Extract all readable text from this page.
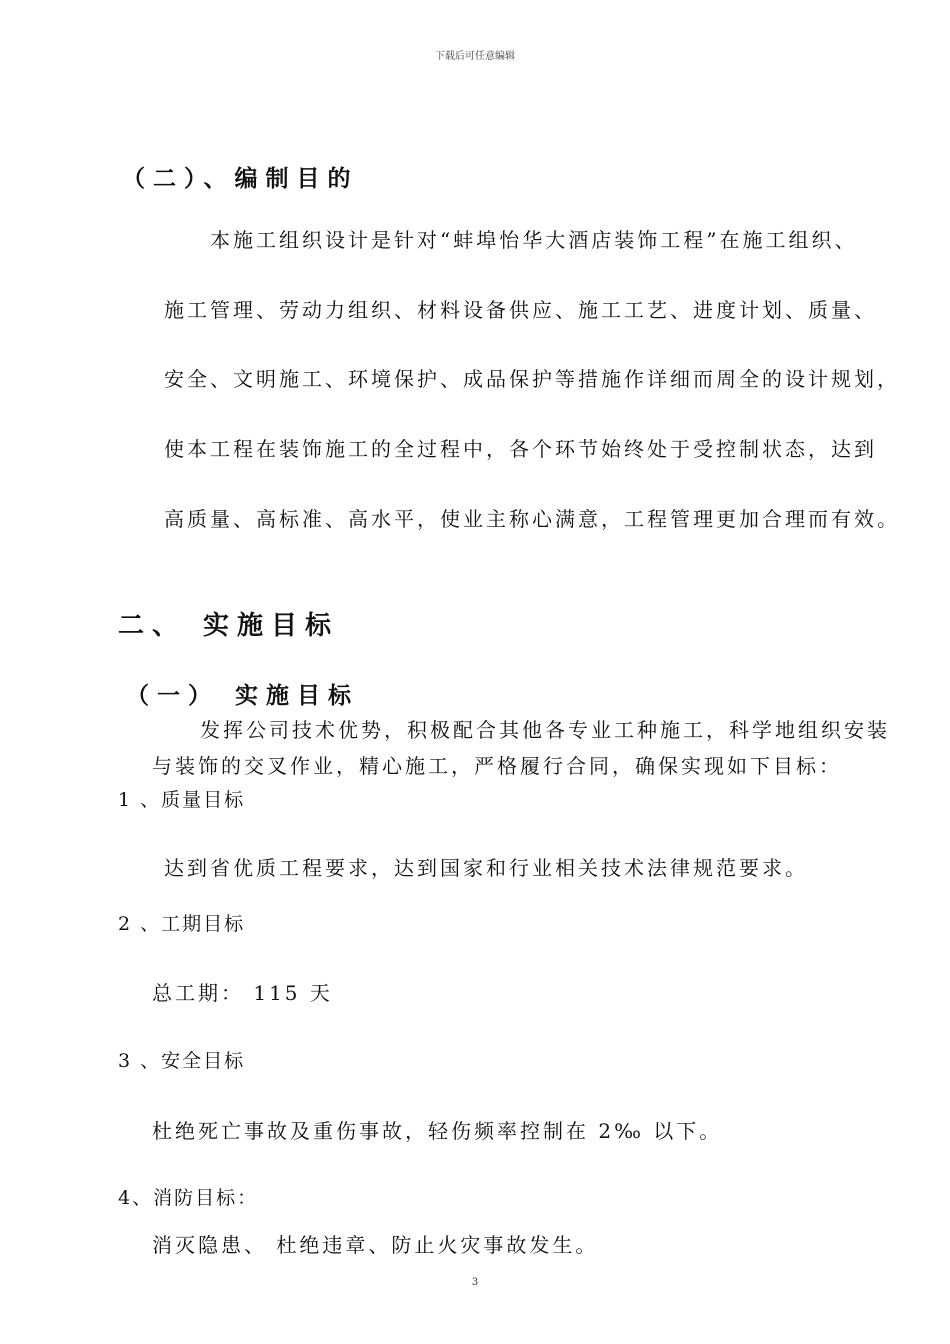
下载后可任意编辑
（二）、编制目的
本施工组织设计是针对“蚌埠怡华大酒店装饰工程”在施工组织、
施工管理、劳动力组织、材料设备供应、施工工艺、进度计划、质量、
安全、文明施工、环境保护、成品保护等措施作详细而周全的设计规划，
使本工程在装饰施工的全过程中，各个环节始终处于受控制状态，达到
高质量、高标准、高水平，使业主称心满意，工程管理更加合理而有效。
二、 实施目标
（一） 实施目标
发挥公司技术优势，积极配合其他各专业工种施工，科学地组织安装
与装饰的交叉作业，精心施工，严格履行合同，确保实现如下目标：
1 、质量目标
达到省优质工程要求，达到国家和行业相关技术法律规范要求。
2 、工期目标
总工期： 115 天
3 、安全目标
杜绝死亡事故及重伤事故，轻伤频率控制在 2‰ 以下。
4、消防目标：
消灭隐患、 杜绝违章、防止火灾事故发生。
3
